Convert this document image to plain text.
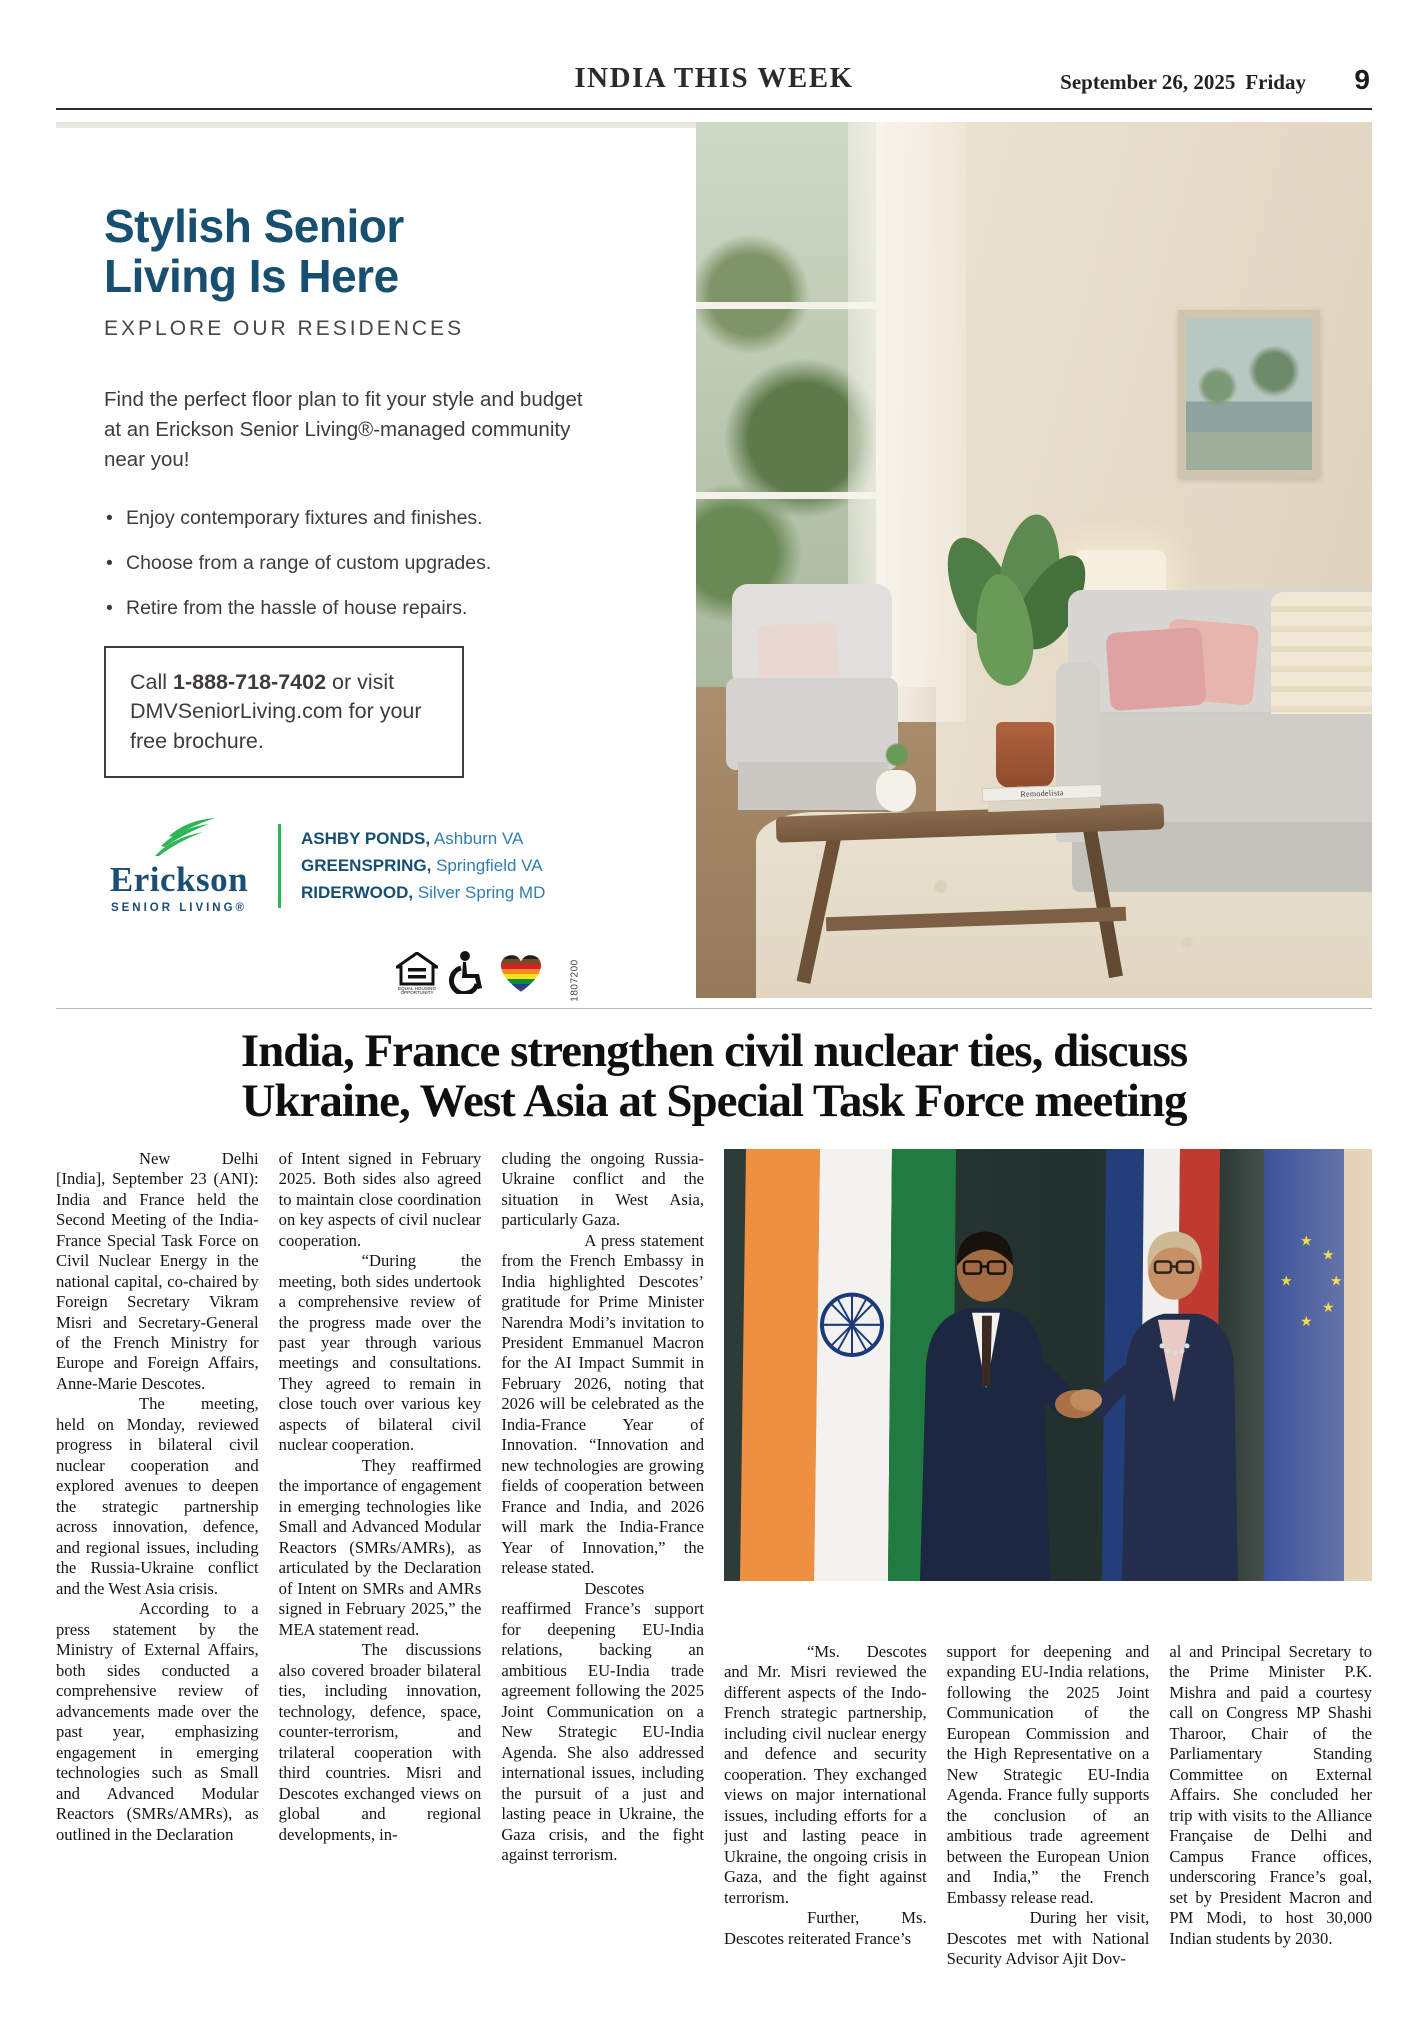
INDIA THIS WEEK	September 26, 2025 Friday 9
Stylish Senior
Living Is Here
EXPLORE OUR RESIDENCES

Find the perfect floor plan to fit your style and budget at an Erickson Senior Living®-managed community near you!

• Enjoy contemporary fixtures and finishes.
• Choose from a range of custom upgrades.
• Retire from the hassle of house repairs.
Call 1-888-718-7402 or visit DMVSeniorLiving.com for your free brochure.
Erickson
SENIOR LIVING®
ASHBY PONDS, Ashburn VA
GREENSPRING, Springfield VA
RIDERWOOD, Silver Spring MD
EQUAL HOUSING
OPPORTUNITY	1807200
Remodelista
India, France strengthen civil nuclear ties, discuss
Ukraine, West Asia at Special Task Force meeting

New Delhi [India], September 23 (ANI): India and France held the Second Meeting of the India-France Special Task Force on Civil Nuclear Energy in the national capital, co-chaired by Foreign Secretary Vikram Misri and Secretary-General of the French Ministry for Europe and Foreign Affairs, Anne-Marie Descotes.

The meeting, held on Monday, reviewed progress in bilateral civil nuclear cooperation and explored avenues to deepen the strategic partnership across innovation, defence, and regional issues, including the Russia-Ukraine conflict and the West Asia crisis.

According to a press statement by the Ministry of External Affairs, both sides conducted a comprehensive review of advancements made over the past year, emphasizing engagement in emerging technologies such as Small and Advanced Modular Reactors (SMRs/AMRs), as outlined in the Declaration

of Intent signed in February 2025. Both sides also agreed to maintain close coordination on key aspects of civil nuclear cooperation.

“During the meeting, both sides undertook a comprehensive review of the progress made over the past year through various meetings and consultations. They agreed to remain in close touch over various key aspects of bilateral civil nuclear cooperation.

They reaffirmed the importance of engagement in emerging technologies like Small and Advanced Modular Reactors (SMRs/AMRs), as articulated by the Declaration of Intent on SMRs and AMRs signed in February 2025,” the MEA statement read.

The discussions also covered broader bilateral ties, including innovation, technology, defence, space, counter-terrorism, and trilateral cooperation with third countries. Misri and Descotes exchanged views on global and regional developments, in-

cluding the ongoing Russia-Ukraine conflict and the situation in West Asia, particularly Gaza.

A press statement from the French Embassy in India highlighted Descotes’ gratitude for Prime Minister Narendra Modi’s invitation to President Emmanuel Macron for the AI Impact Summit in February 2026, noting that 2026 will be celebrated as the India-France Year of Innovation. “Innovation and new technologies are growing fields of cooperation between France and India, and 2026 will mark the India-France Year of Innovation,” the release stated.

Descotes reaffirmed France’s support for deepening EU-India relations, backing an ambitious EU-India trade agreement following the 2025 Joint Communication on a New Strategic EU-India Agenda. She also addressed international issues, including the pursuit of a just and lasting peace in Ukraine, the Gaza crisis, and the fight against terrorism.

“Ms. Descotes and Mr. Misri reviewed the different aspects of the Indo-French strategic partnership, including civil nuclear energy and defence and security cooperation. They exchanged views on major international issues, including efforts for a just and lasting peace in Ukraine, the ongoing crisis in Gaza, and the fight against terrorism.

Further, Ms. Descotes reiterated France’s

support for deepening and expanding EU-India relations, following the 2025 Joint Communication of the European Commission and the High Representative on a New Strategic EU-India Agenda. France fully supports the conclusion of an ambitious trade agreement between the European Union and India,” the French Embassy release read.

During her visit, Descotes met with National Security Advisor Ajit Dov-

al and Principal Secretary to the Prime Minister P.K. Mishra and paid a courtesy call on Congress MP Shashi Tharoor, Chair of the Parliamentary Standing Committee on External Affairs. She concluded her trip with visits to the Alliance Française de Delhi and Campus France offices, underscoring France’s goal, set by President Macron and PM Modi, to host 30,000 Indian students by 2030.
